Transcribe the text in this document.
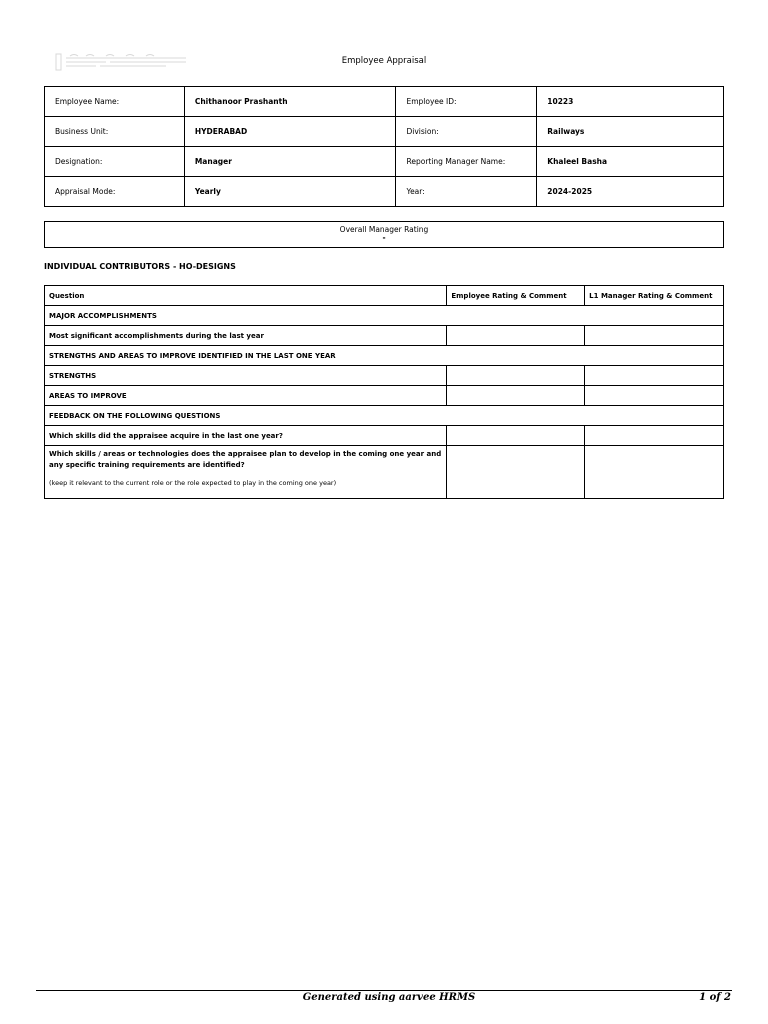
Employee Appraisal
Employee Name:	Chithanoor Prashanth	Employee ID:	10223
Business Unit:	HYDERABAD	Division:	Railways
Designation:	Manager	Reporting Manager Name:	Khaleel Basha
Appraisal Mode:	Yearly	Year:	2024-2025
Overall Manager Rating
-
INDIVIDUAL CONTRIBUTORS - HO-DESIGNS
Question	Employee Rating & Comment	L1 Manager Rating & Comment
MAJOR ACCOMPLISHMENTS		
Most significant accomplishments during the last year		
STRENGTHS AND AREAS TO IMPROVE IDENTIFIED IN THE LAST ONE YEAR		
STRENGTHS		
AREAS TO IMPROVE		
FEEDBACK ON THE FOLLOWING QUESTIONS		
Which skills did the appraisee acquire in the last one year?		
Which skills / areas or technologies does the appraisee plan to develop in the coming one year and any specific training requirements are identified?
(keep it relevant to the current role or the role expected to play in the coming one year)		

Generated using aarvee HRMS	1 of 2
